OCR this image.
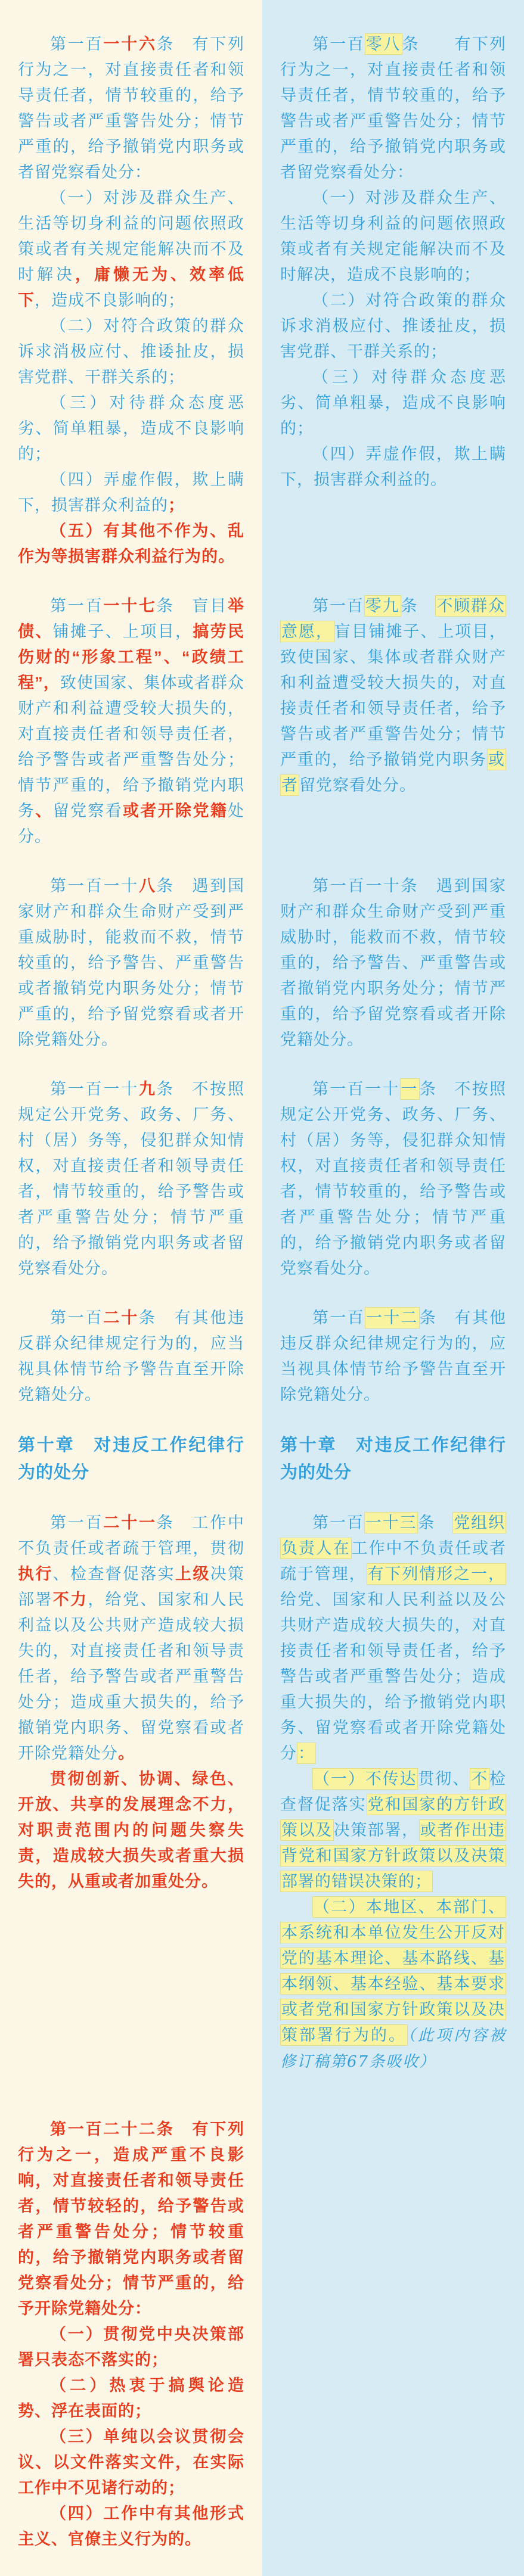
第一百一十六条　有下列行为之一，对直接责任者和领导责任者，情节较重的，给予警告或者严重警告处分；情节严重的，给予撤销党内职务或者留党察看处分：

（一）对涉及群众生产、生活等切身利益的问题依照政策或者有关规定能解决而不及时解决，庸懒无为、效率低下，造成不良影响的；

（二）对符合政策的群众诉求消极应付、推诿扯皮，损害党群、干群关系的；

（三）对待群众态度恶劣、简单粗暴，造成不良影响的；

（四）弄虚作假，欺上瞒下，损害群众利益的；

（五）有其他不作为、乱作为等损害群众利益行为的。

第一百零八条　　有下列行为之一，对直接责任者和领导责任者，情节较重的，给予警告或者严重警告处分；情节严重的，给予撤销党内职务或者留党察看处分：

（一）对涉及群众生产、生活等切身利益的问题依照政策或者有关规定能解决而不及时解决，造成不良影响的；

（二）对符合政策的群众诉求消极应付、推诿扯皮，损害党群、干群关系的；

（三）对待群众态度恶劣、简单粗暴，造成不良影响的；

（四）弄虚作假，欺上瞒下，损害群众利益的。

第一百一十七条　盲目举债、铺摊子、上项目，搞劳民伤财的“形象工程”、“政绩工程”，致使国家、集体或者群众财产和利益遭受较大损失的，对直接责任者和领导责任者，给予警告或者严重警告处分；情节严重的，给予撤销党内职务、留党察看或者开除党籍处分。

第一百零九条　不顾群众意愿，盲目铺摊子、上项目，致使国家、集体或者群众财产和利益遭受较大损失的，对直接责任者和领导责任者，给予警告或者严重警告处分；情节严重的，给予撤销党内职务或者留党察看处分。

第一百一十八条　遇到国家财产和群众生命财产受到严重威胁时，能救而不救，情节较重的，给予警告、严重警告或者撤销党内职务处分；情节严重的，给予留党察看或者开除党籍处分。

第一百一十条　遇到国家财产和群众生命财产受到严重威胁时，能救而不救，情节较重的，给予警告、严重警告或者撤销党内职务处分；情节严重的，给予留党察看或者开除党籍处分。

第一百一十九条　不按照规定公开党务、政务、厂务、村（居）务等，侵犯群众知情权，对直接责任者和领导责任者，情节较重的，给予警告或者严重警告处分；情节严重的，给予撤销党内职务或者留党察看处分。

第一百一十一条　不按照规定公开党务、政务、厂务、村（居）务等，侵犯群众知情权，对直接责任者和领导责任者，情节较重的，给予警告或者严重警告处分；情节严重的，给予撤销党内职务或者留党察看处分。

第一百二十条　有其他违反群众纪律规定行为的，应当视具体情节给予警告直至开除党籍处分。

第一百一十二条　有其他违反群众纪律规定行为的，应当视具体情节给予警告直至开除党籍处分。

第十章　对违反工作纪律行为的处分
第十章　对违反工作纪律行为的处分

第一百二十一条　工作中不负责任或者疏于管理，贯彻执行、检查督促落实上级决策部署不力，给党、国家和人民利益以及公共财产造成较大损失的，对直接责任者和领导责任者，给予警告或者严重警告处分；造成重大损失的，给予撤销党内职务、留党察看或者开除党籍处分。

贯彻创新、协调、绿色、开放、共享的发展理念不力，对职责范围内的问题失察失责，造成较大损失或者重大损失的，从重或者加重处分。

第一百一十三条　党组织负责人在工作中不负责任或者疏于管理，有下列情形之一，给党、国家和人民利益以及公共财产造成较大损失的，对直接责任者和领导责任者，给予警告或者严重警告处分；造成重大损失的，给予撤销党内职务、留党察看或者开除党籍处分：

（一）不传达贯彻、不检查督促落实党和国家的方针政策以及决策部署，或者作出违背党和国家方针政策以及决策部署的错误决策的；

（二）本地区、本部门、本系统和本单位发生公开反对党的基本理论、基本路线、基本纲领、基本经验、基本要求或者党和国家方针政策以及决策部署行为的。（此项内容被修订稿第67条吸收）

第一百二十二条　有下列行为之一，造成严重不良影响，对直接责任者和领导责任者，情节较轻的，给予警告或者严重警告处分；情节较重的，给予撤销党内职务或者留党察看处分；情节严重的，给予开除党籍处分：

（一）贯彻党中央决策部署只表态不落实的；

（二）热衷于搞舆论造势、浮在表面的；

（三）单纯以会议贯彻会议、以文件落实文件，在实际工作中不见诸行动的；

（四）工作中有其他形式主义、官僚主义行为的。
